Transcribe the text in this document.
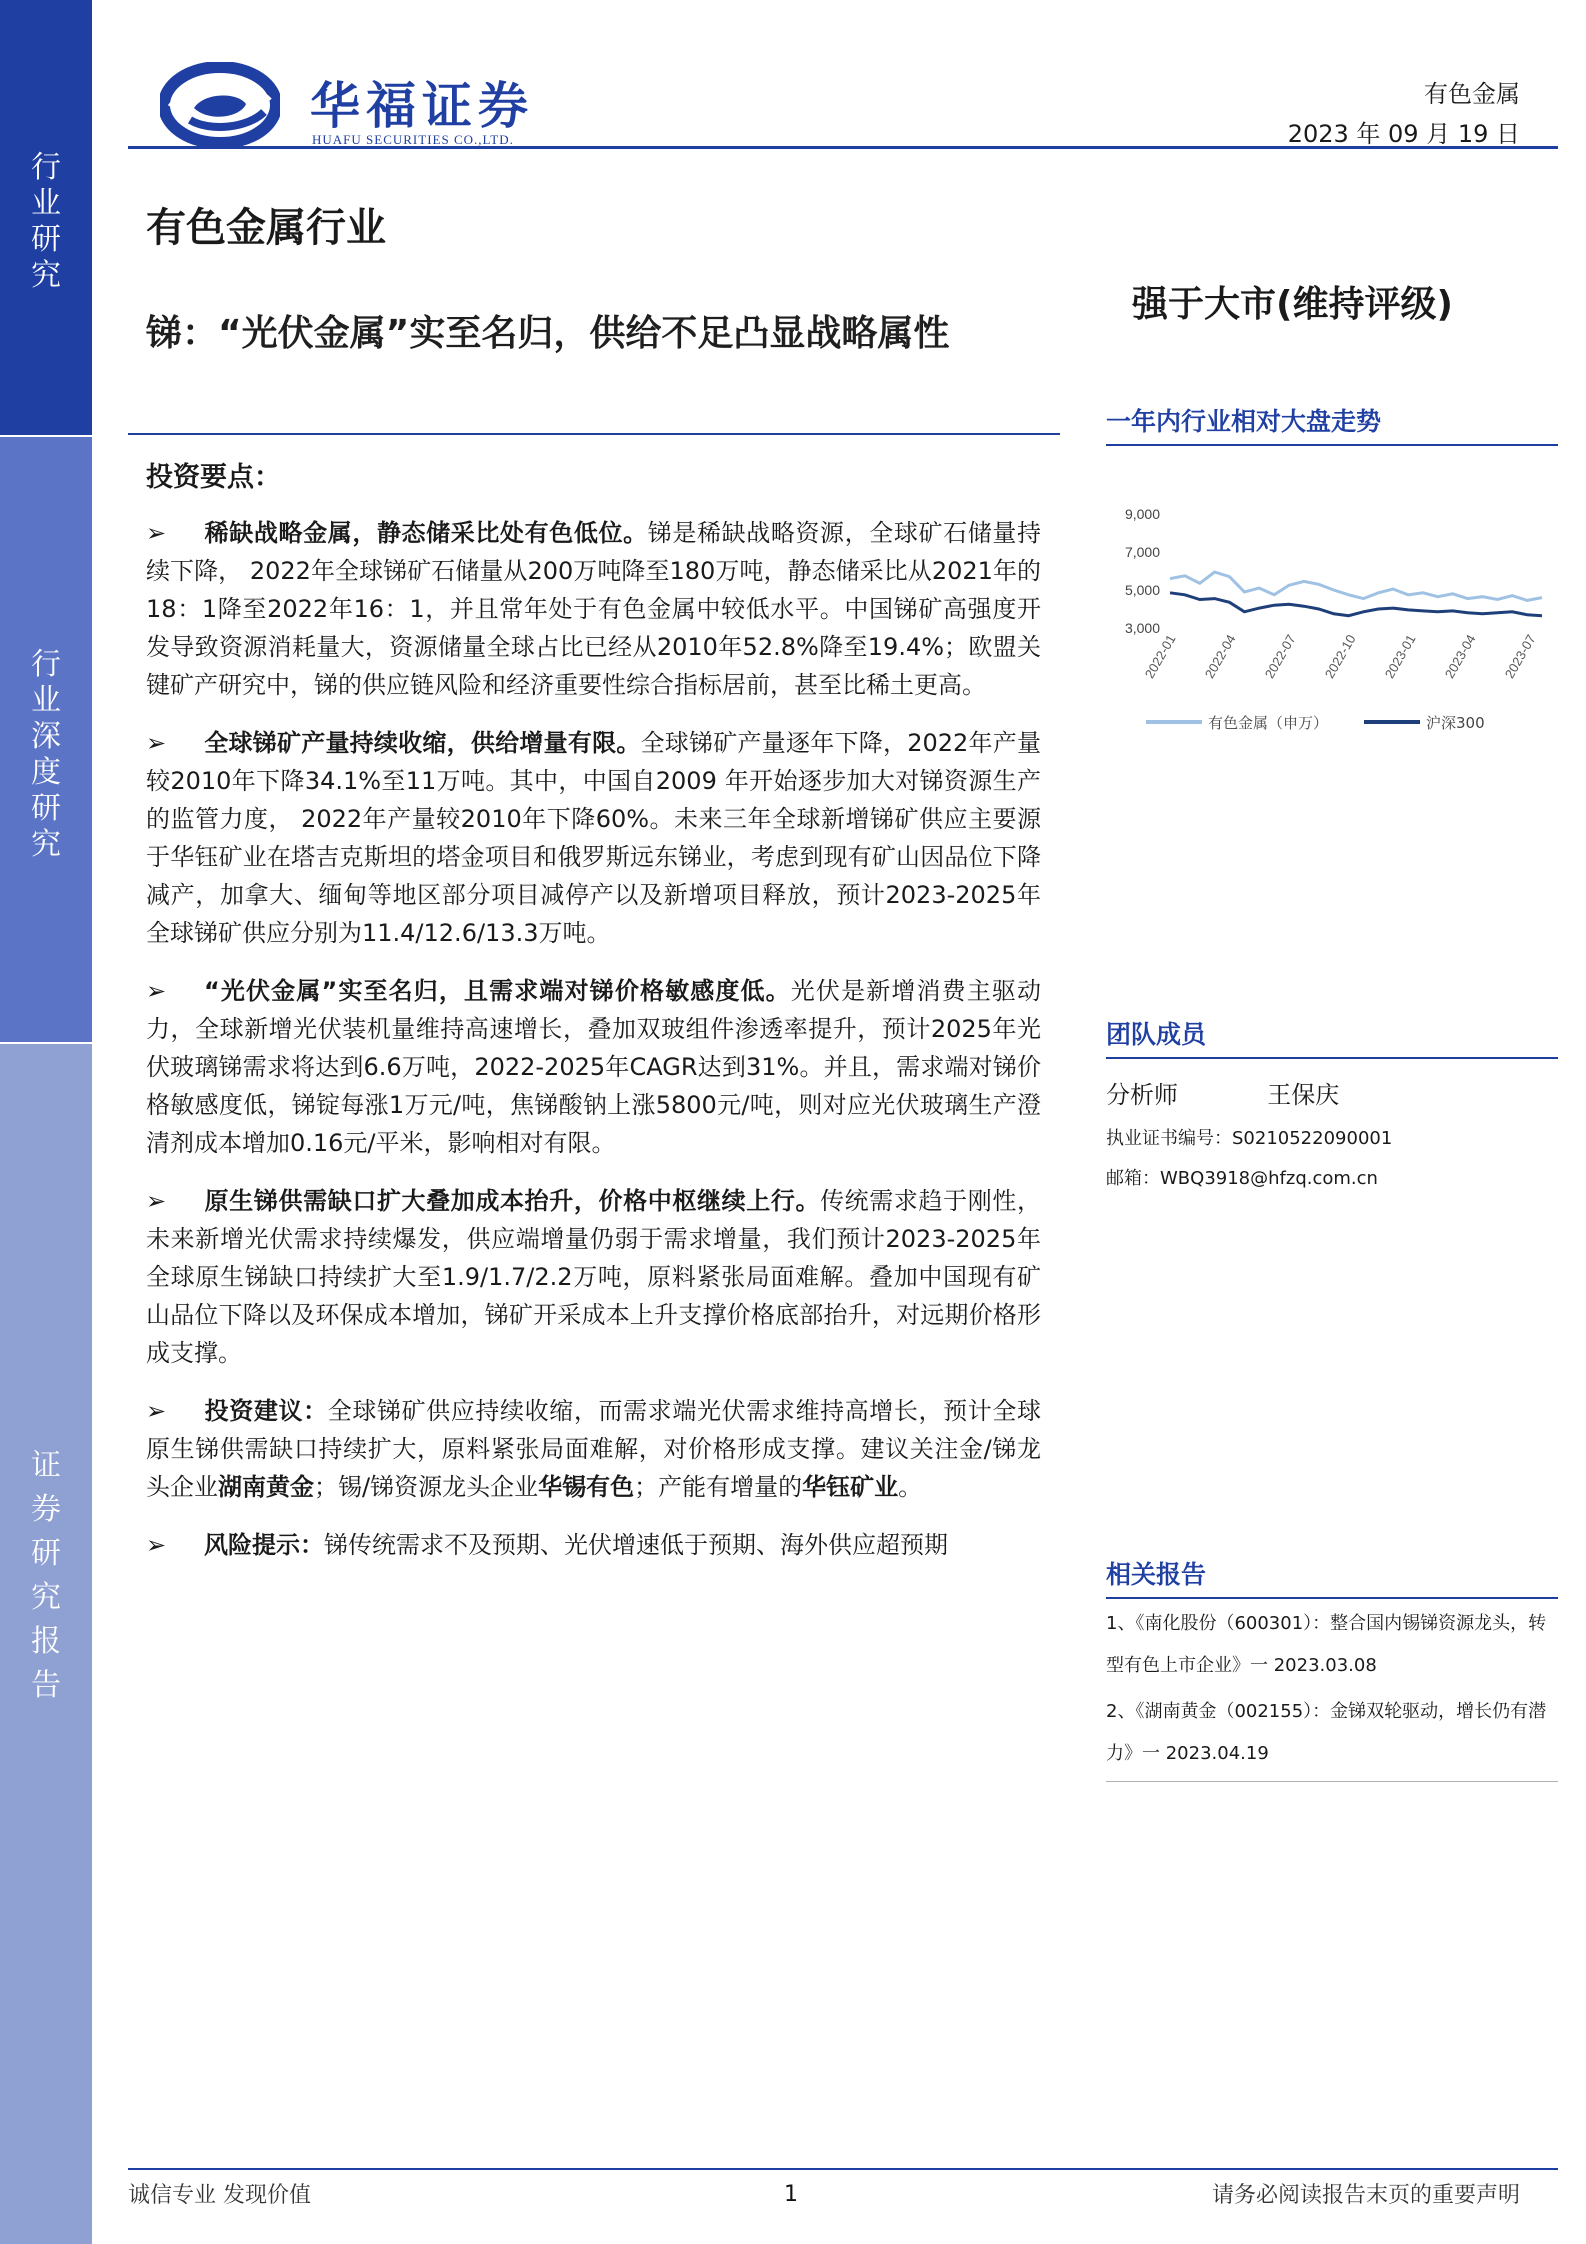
行业研究
行业深度研究
证券研究报告
华福证券
HUAFU SECURITIES CO.,LTD.
有色金属
2023 年 09 月 19 日
有色金属行业
锑：“光伏金属”实至名归，供给不足凸显战略属性
强于大市(维持评级)
投资要点：

➢ 稀缺战略金属，静态储采比处有色低位。锑是稀缺战略资源，全球矿石储量持续下降， 2022年全球锑矿石储量从200万吨降至180万吨，静态储采比从2021年的18：1降至2022年16：1，并且常年处于有色金属中较低水平。中国锑矿高强度开发导致资源消耗量大，资源储量全球占比已经从2010年52.8%降至19.4%；欧盟关键矿产研究中，锑的供应链风险和经济重要性综合指标居前，甚至比稀土更高。

➢ 全球锑矿产量持续收缩，供给增量有限。全球锑矿产量逐年下降，2022年产量较2010年下降34.1%至11万吨。其中，中国自2009 年开始逐步加大对锑资源生产的监管力度， 2022年产量较2010年下降60%。未来三年全球新增锑矿供应主要源于华钰矿业在塔吉克斯坦的塔金项目和俄罗斯远东锑业，考虑到现有矿山因品位下降减产，加拿大、缅甸等地区部分项目减停产以及新增项目释放，预计2023-2025年全球锑矿供应分别为11.4/12.6/13.3万吨。

➢ “光伏金属”实至名归，且需求端对锑价格敏感度低。光伏是新增消费主驱动力，全球新增光伏装机量维持高速增长，叠加双玻组件渗透率提升，预计2025年光伏玻璃锑需求将达到6.6万吨，2022-2025年CAGR达到31%。并且，需求端对锑价格敏感度低，锑锭每涨1万元/吨，焦锑酸钠上涨5800元/吨，则对应光伏玻璃生产澄清剂成本增加0.16元/平米，影响相对有限。

➢ 原生锑供需缺口扩大叠加成本抬升，价格中枢继续上行。传统需求趋于刚性，未来新增光伏需求持续爆发，供应端增量仍弱于需求增量，我们预计2023-2025年全球原生锑缺口持续扩大至1.9/1.7/2.2万吨，原料紧张局面难解。叠加中国现有矿山品位下降以及环保成本增加，锑矿开采成本上升支撑价格底部抬升，对远期价格形成支撑。

➢ 投资建议：全球锑矿供应持续收缩，而需求端光伏需求维持高增长，预计全球原生锑供需缺口持续扩大，原料紧张局面难解，对价格形成支撑。建议关注金/锑龙头企业湖南黄金；锡/锑资源龙头企业华锡有色；产能有增量的华钰矿业。

➢ 风险提示：锑传统需求不及预期、光伏增速低于预期、海外供应超预期

一年内行业相对大盘走势
9,000
7,000
5,000
3,000
2022-01 2022-04 2022-07 2022-10 2023-01 2023-04 2023-07
有色金属（申万）	沪深300
团队成员
分析师	王保庆
执业证书编号：S0210522090001
邮箱：WBQ3918@hfzq.com.cn
相关报告
1、《南化股份（600301）：整合国内锡锑资源龙头，转型有色上市企业》一 2023.03.08
2、《湖南黄金（002155）：金锑双轮驱动，增长仍有潜力》一 2023.04.19
诚信专业 发现价值	1	请务必阅读报告末页的重要声明
